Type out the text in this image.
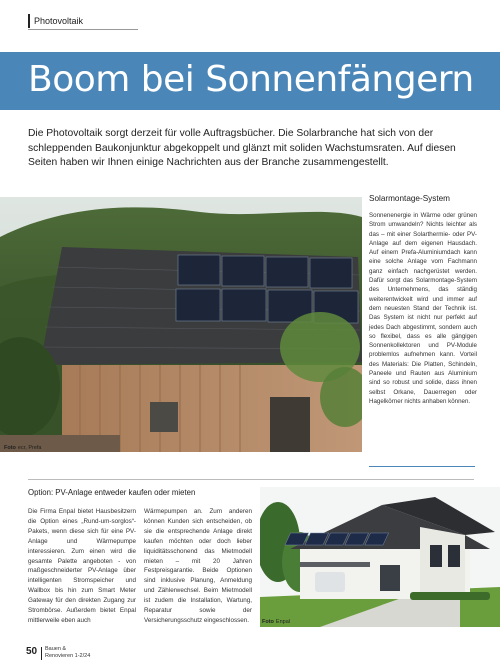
Photovoltaik
Boom bei Sonnenfängern

Die Photovoltaik sorgt derzeit für volle Auftragsbücher. Die Solarbranche hat sich von der schleppenden Baukonjunktur abgekoppelt und glänzt mit soliden Wachstumsraten. Auf diesen Seiten haben wir Ihnen einige Nachrichten aus der Branche zusammengestellt.

Foto ecr, Prefa
Solarmontage-System

Sonnenenergie in Wärme oder grünen Strom umwandeln? Nichts leichter als das – mit einer Solarthermie- oder PV-Anlage auf dem eigenen Hausdach. Auf einem Prefa-Aluminiumdach kann eine solche Anlage vom Fachmann ganz einfach nachgerüstet werden. Dafür sorgt das Solarmontage-System des Unternehmens, das ständig weiterentwickelt wird und immer auf dem neuesten Stand der Technik ist. Das System ist nicht nur perfekt auf jedes Dach abgestimmt, sondern auch so flexibel, dass es alle gängigen Sonnenkollektoren und PV-Module problemlos aufnehmen kann. Vorteil des Materials: Die Platten, Schindeln, Paneele und Rauten aus Aluminium sind so robust und solide, dass ihnen selbst Orkane, Dauerregen oder Hagelkörner nichts anhaben können.

Option: PV-Anlage entweder kaufen oder mieten

Die Firma Enpal bietet Hausbesitzern die Option eines „Rund-um-sorglos“-Pakets, wenn diese sich für eine PV-Anlage und Wärmepumpe interessieren. Zum einen wird die gesamte Palette angeboten - von maßgeschneiderter PV-Anlage über intelligenten Stromspeicher und Wallbox bis hin zum Smart Meter Gateway für den direkten Zugang zur Strombörse. Außerdem bietet Enpal mittlerweile eben auch

Wärmepumpen an. Zum anderen können Kunden sich entscheiden, ob sie die entsprechende Anlage direkt kaufen möchten oder doch lieber liquiditätsschonend das Mietmodell mieten – mit 20 Jahren Festpreisgarantie. Beide Optionen sind inklusive Planung, Anmeldung und Zählerwechsel. Beim Mietmodell ist zudem die Installation, Wartung, Reparatur sowie der Versicherungsschutz eingeschlossen.	Foto Enpal
50 Bauen &
Renovieren 1-2/24
